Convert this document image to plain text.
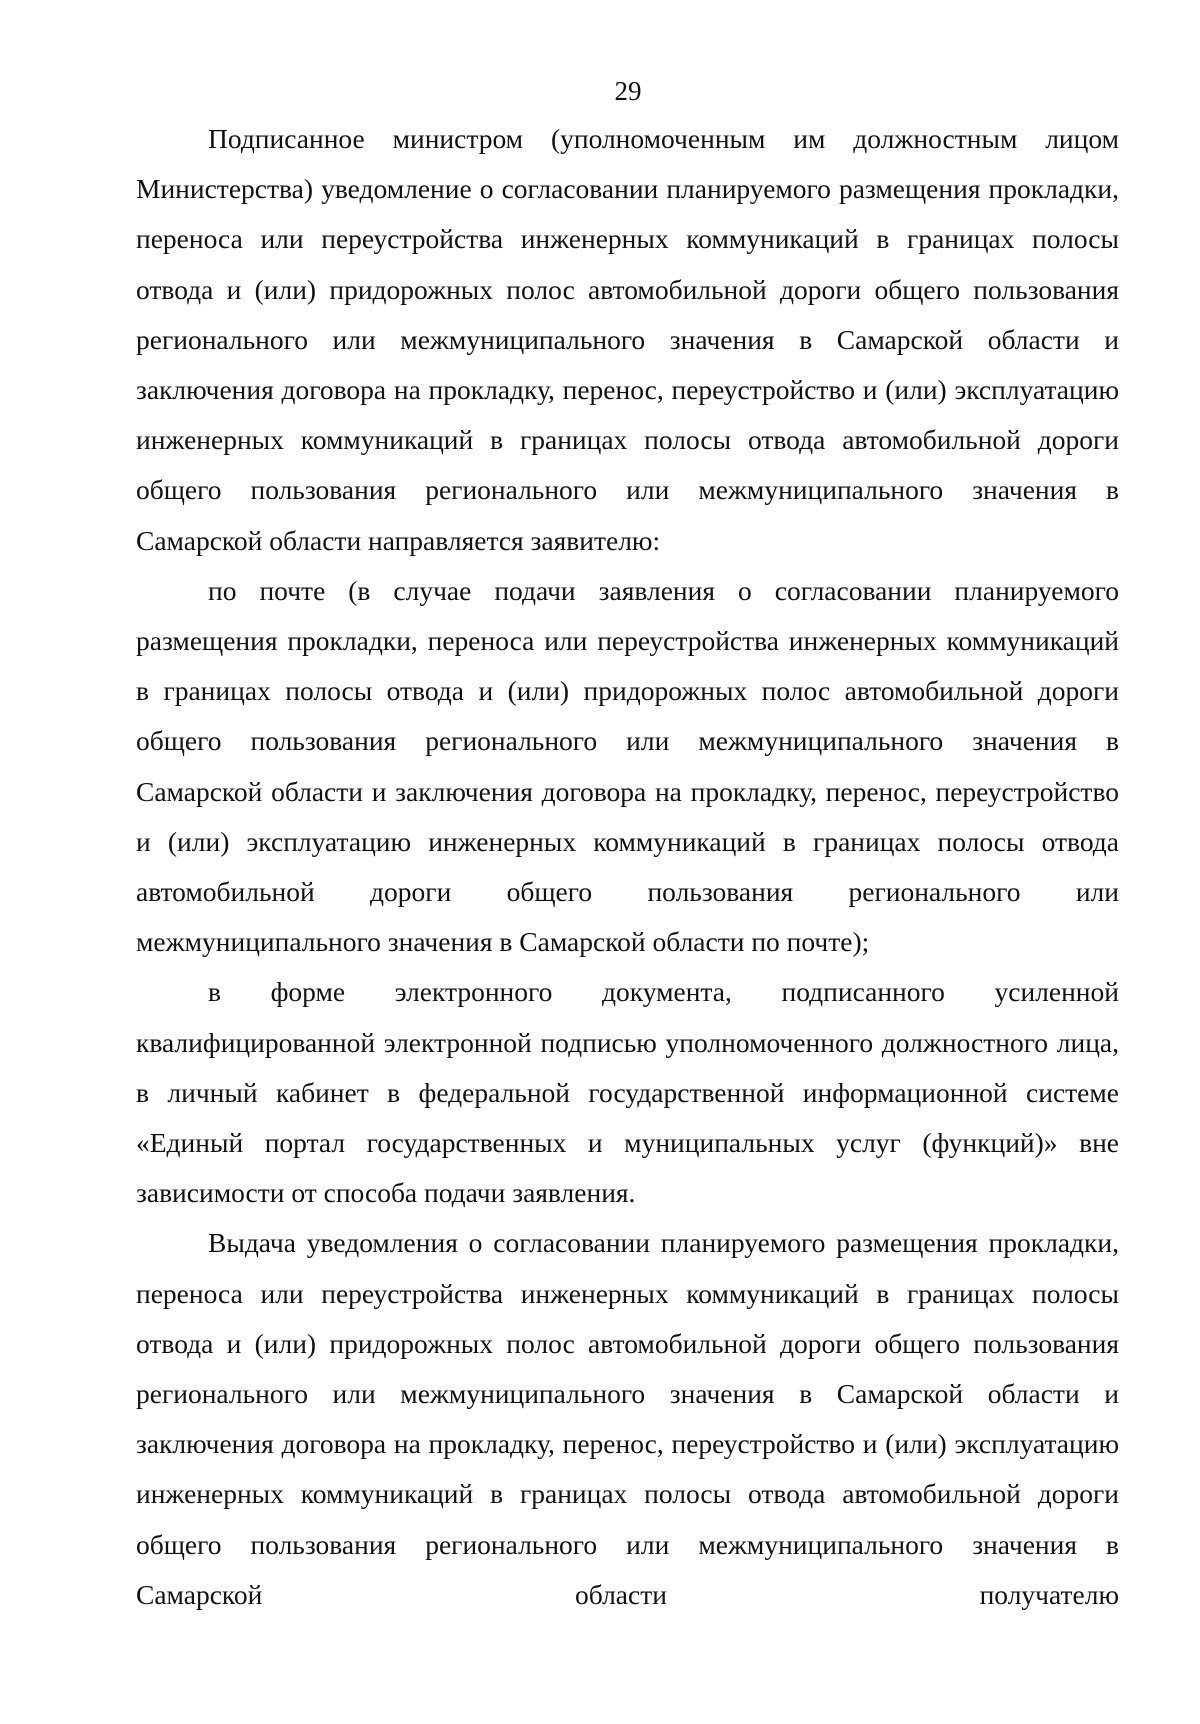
29

Подписанное министром (уполномоченным им должностным лицом Министерства) уведомление о согласовании планируемого размещения прокладки, переноса или переустройства инженерных коммуникаций в границах полосы отвода и (или) придорожных полос автомобильной дороги общего пользования регионального или межмуниципального значения в Самарской области и заключения договора на прокладку, перенос, переустройство и (или) эксплуатацию инженерных коммуникаций в границах полосы отвода автомобильной дороги общего пользования регионального или межмуниципального значения в Самарской области направляется заявителю:

по почте (в случае подачи заявления о согласовании планируемого размещения прокладки, переноса или переустройства инженерных коммуникаций в границах полосы отвода и (или) придорожных полос автомобильной дороги общего пользования регионального или межмуниципального значения в Самарской области и заключения договора на прокладку, перенос, переустройство и (или) эксплуатацию инженерных коммуникаций в границах полосы отвода автомобильной дороги общего пользования регионального или межмуниципального значения в Самарской области по почте);

в форме электронного документа, подписанного усиленной квалифицированной электронной подписью уполномоченного должностного лица, в личный кабинет в федеральной государственной информационной системе «Единый портал государственных и муниципальных услуг (функций)» вне зависимости от способа подачи заявления.

Выдача уведомления о согласовании планируемого размещения прокладки, переноса или переустройства инженерных коммуникаций в границах полосы отвода и (или) придорожных полос автомобильной дороги общего пользования регионального или межмуниципального значения в Самарской области и заключения договора на прокладку, перенос, переустройство и (или) эксплуатацию инженерных коммуникаций в границах полосы отвода автомобильной дороги общего пользования регионального или межмуниципального значения в Самарской области получателю
